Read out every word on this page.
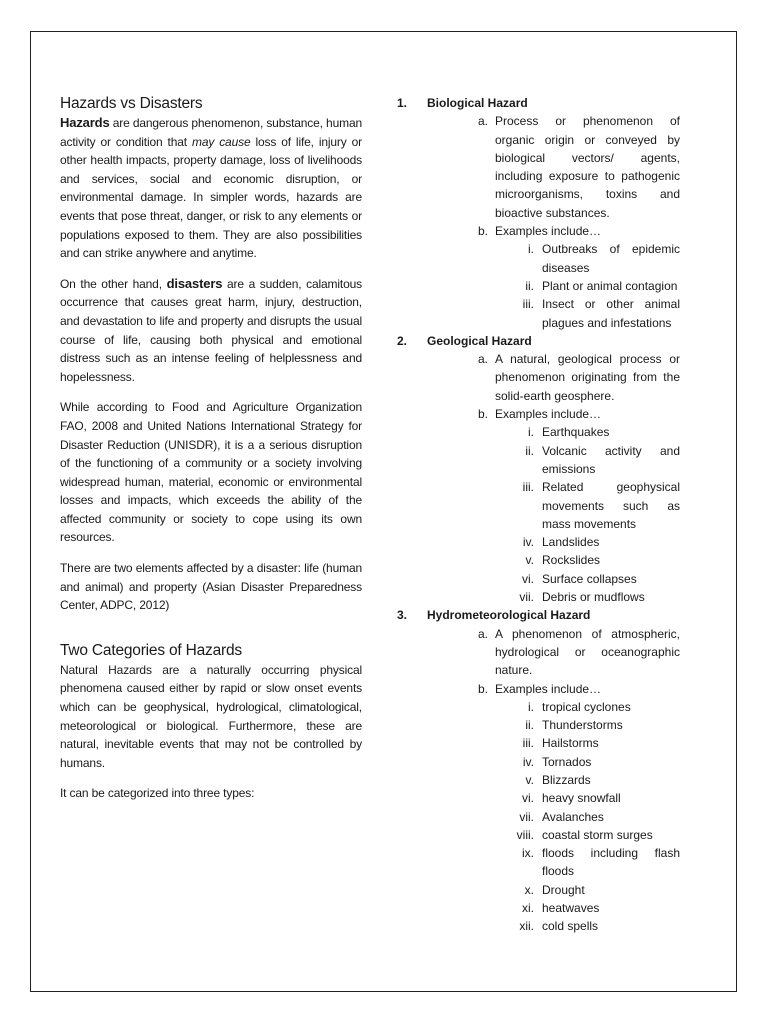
Hazards vs Disasters

Hazards are dangerous phenomenon, substance, human activity or condition that may cause loss of life, injury or other health impacts, property damage, loss of livelihoods and services, social and economic disruption, or environmental damage. In simpler words, hazards are events that pose threat, danger, or risk to any elements or populations exposed to them. They are also possibilities and can strike anywhere and anytime.

On the other hand, disasters are a sudden, calamitous occurrence that causes great harm, injury, destruction, and devastation to life and property and disrupts the usual course of life, causing both physical and emotional distress such as an intense feeling of helplessness and hopelessness.

While according to Food and Agriculture Organization FAO, 2008 and United Nations International Strategy for Disaster Reduction (UNISDR), it is a a serious disruption of the functioning of a community or a society involving widespread human, material, economic or environmental losses and impacts, which exceeds the ability of the affected community or society to cope using its own resources.

There are two elements affected by a disaster: life (human and animal) and property (Asian Disaster Preparedness Center, ADPC, 2012)

Two Categories of Hazards

Natural Hazards are a naturally occurring physical phenomena caused either by rapid or slow onset events which can be geophysical, hydrological, climatological, meteorological or biological. Furthermore, these are natural, inevitable events that may not be controlled by humans.

It can be categorized into three types:

1.	Biological Hazard
a. Process or phenomenon of organic origin or conveyed by biological vectors/ agents, including exposure to pathogenic microorganisms, toxins and bioactive substances.
b. Examples include…
i. Outbreaks of epidemic diseases
ii. Plant or animal contagion
iii. Insect or other animal plagues and infestations
2.	Geological Hazard
a. A natural, geological process or phenomenon originating from the solid-earth geosphere.
b. Examples include…
i. Earthquakes
ii. Volcanic activity and emissions
iii. Related geophysical movements such as mass movements
iv. Landslides
v. Rockslides
vi. Surface collapses
vii. Debris or mudflows
3.	Hydrometeorological Hazard
a. A phenomenon of atmospheric, hydrological or oceanographic nature.
b. Examples include…
i. tropical cyclones
ii. Thunderstorms
iii. Hailstorms
iv. Tornados
v. Blizzards
vi. heavy snowfall
vii. Avalanches
viii. coastal storm surges
ix. floods including flash floods
x. Drought
xi. heatwaves
xii. cold spells
